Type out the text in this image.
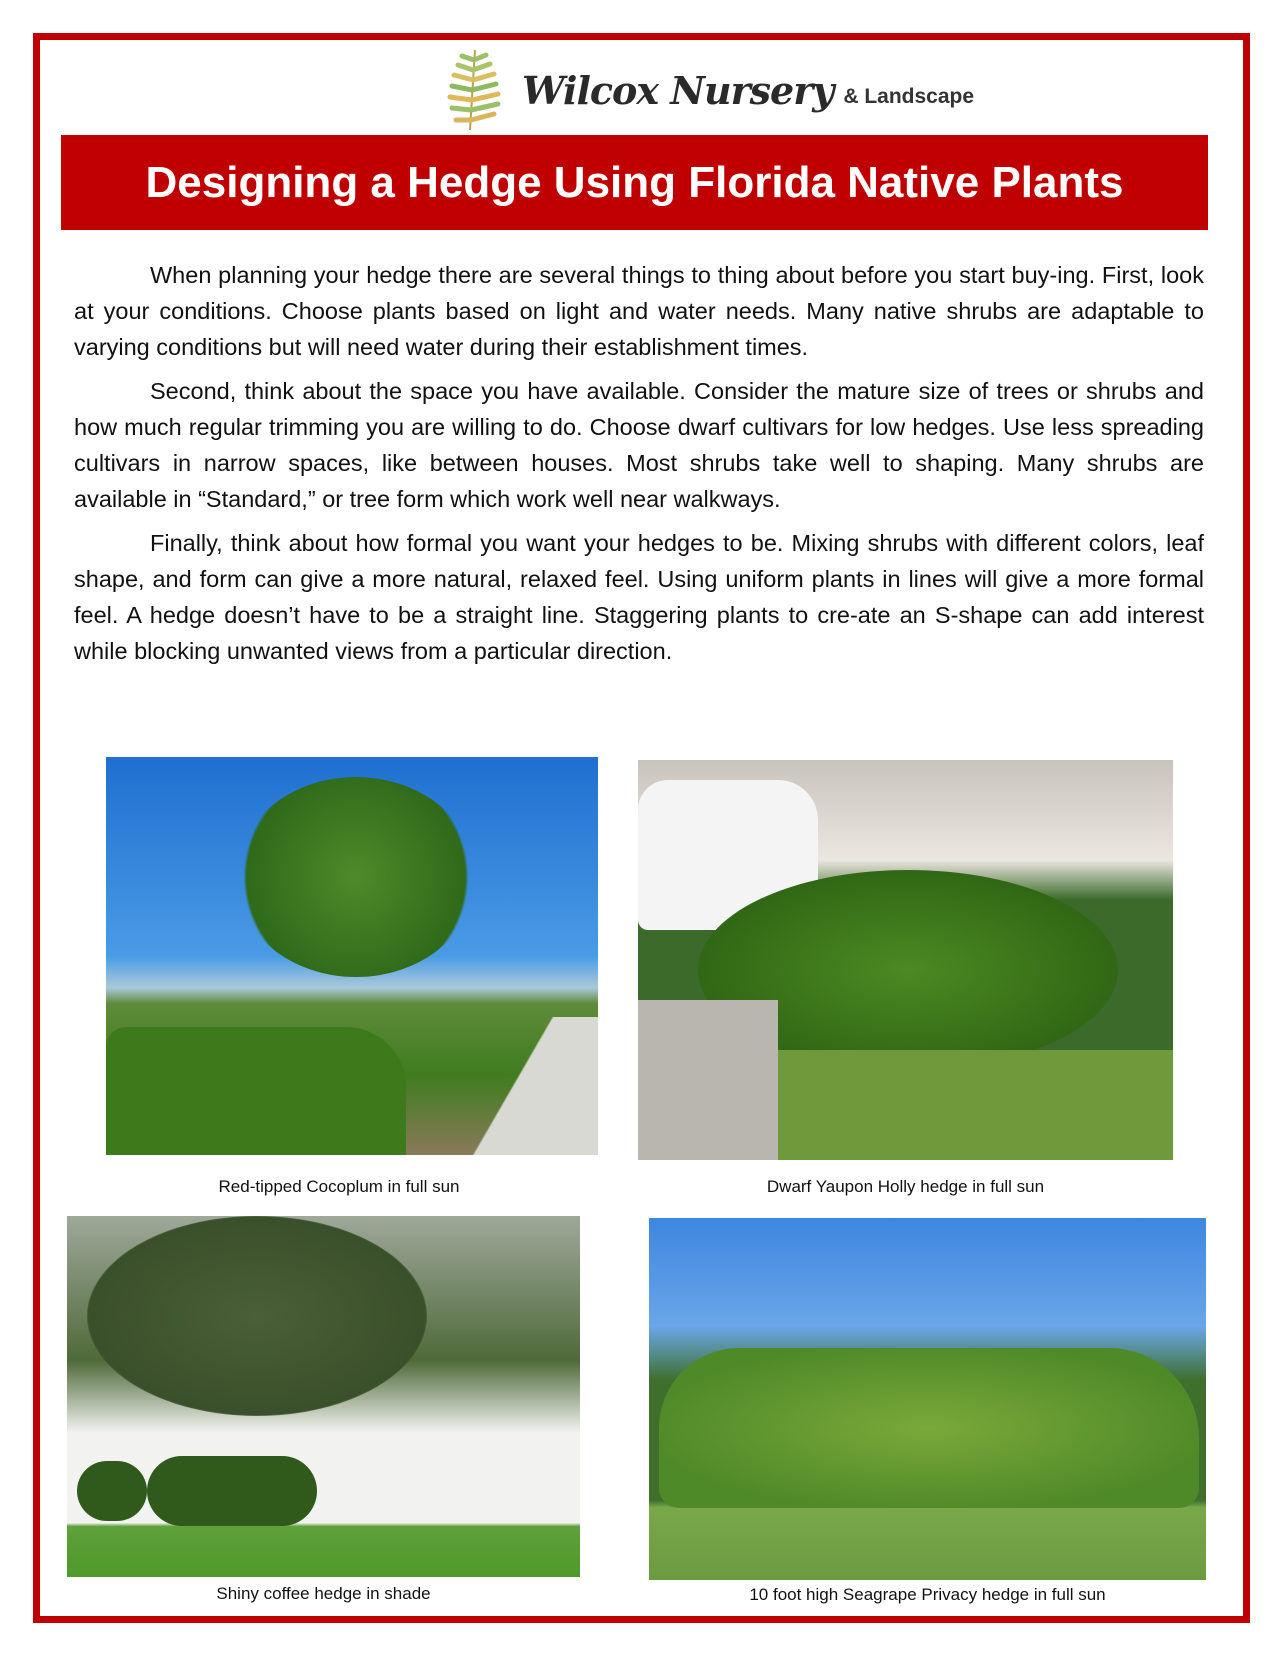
Wilcox Nursery & Landscape
Designing a Hedge Using Florida Native Plants

When planning your hedge there are several things to thing about before you start buy-ing. First, look at your conditions. Choose plants based on light and water needs. Many native shrubs are adaptable to varying conditions but will need water during their establishment times.

Second, think about the space you have available. Consider the mature size of trees or shrubs and how much regular trimming you are willing to do. Choose dwarf cultivars for low hedges. Use less spreading cultivars in narrow spaces, like between houses. Most shrubs take well to shaping. Many shrubs are available in “Standard,” or tree form which work well near walkways.

Finally, think about how formal you want your hedges to be. Mixing shrubs with different colors, leaf shape, and form can give a more natural, relaxed feel. Using uniform plants in lines will give a more formal feel. A hedge doesn’t have to be a straight line. Staggering plants to cre-ate an S-shape can add interest while blocking unwanted views from a particular direction.

Red-tipped Cocoplum in full sun	Dwarf Yaupon Holly hedge in full sun
Shiny coffee hedge in shade	10 foot high Seagrape Privacy hedge in full sun
